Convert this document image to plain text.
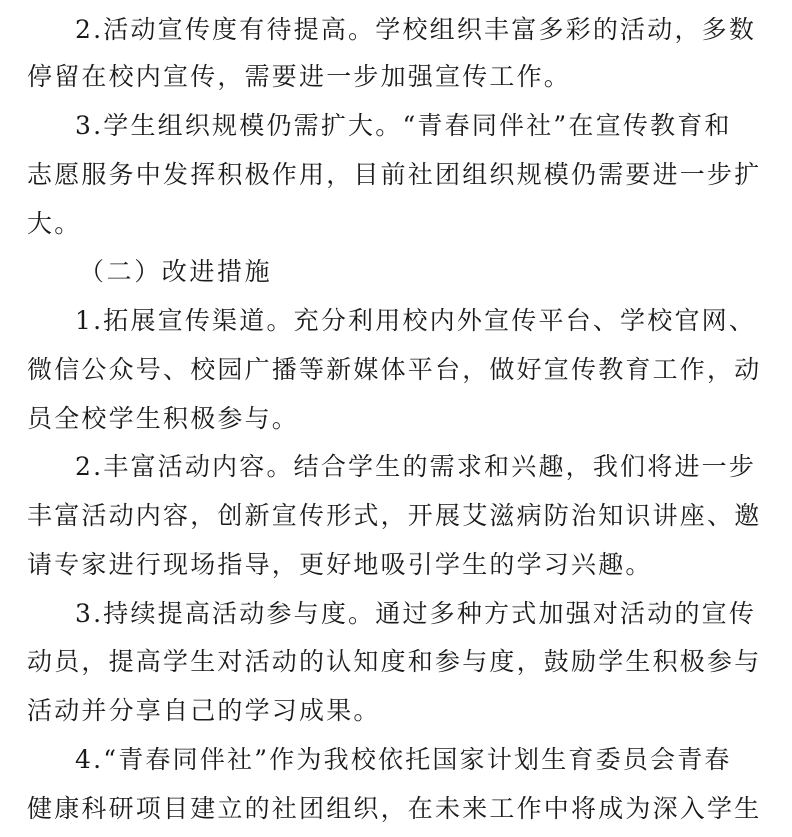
2.活动宣传度有待提高。学校组织丰富多彩的活动，多数
停留在校内宣传，需要进一步加强宣传工作。
3.学生组织规模仍需扩大。“青春同伴社”在宣传教育和
志愿服务中发挥积极作用，目前社团组织规模仍需要进一步扩
大。
（二）改进措施
1.拓展宣传渠道。充分利用校内外宣传平台、学校官网、
微信公众号、校园广播等新媒体平台，做好宣传教育工作，动
员全校学生积极参与。
2.丰富活动内容。结合学生的需求和兴趣，我们将进一步
丰富活动内容，创新宣传形式，开展艾滋病防治知识讲座、邀
请专家进行现场指导，更好地吸引学生的学习兴趣。
3.持续提高活动参与度。通过多种方式加强对活动的宣传
动员，提高学生对活动的认知度和参与度，鼓励学生积极参与
活动并分享自己的学习成果。
4.“青春同伴社”作为我校依托国家计划生育委员会青春
健康科研项目建立的社团组织，在未来工作中将成为深入学生
